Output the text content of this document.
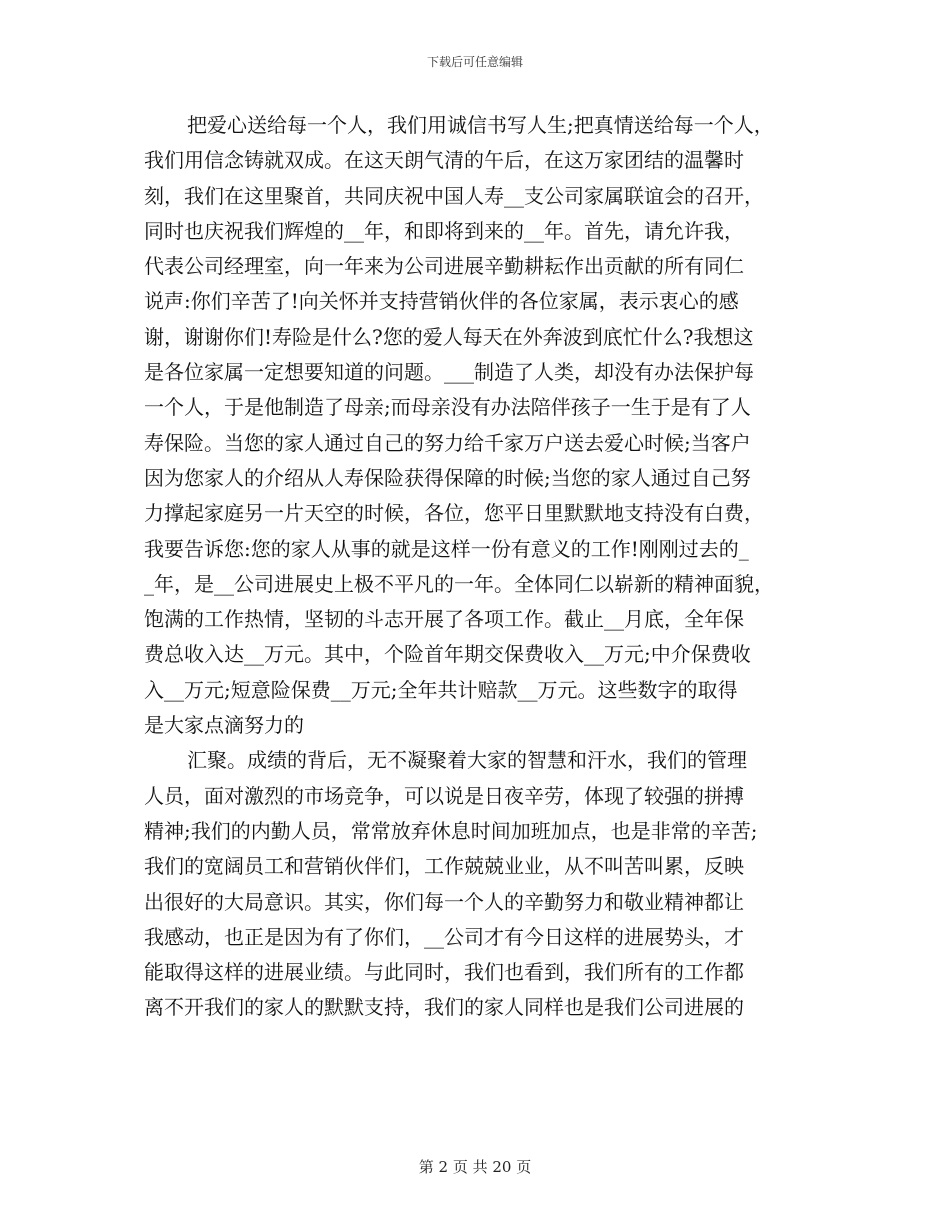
下载后可任意编辑
把爱心送给每一个人，我们用诚信书写人生;把真情送给每一个人，
我们用信念铸就双成。在这天朗气清的午后，在这万家团结的温馨时
刻，我们在这里聚首，共同庆祝中国人寿__支公司家属联谊会的召开，
同时也庆祝我们辉煌的__年，和即将到来的__年。首先，请允许我，
代表公司经理室，向一年来为公司进展辛勤耕耘作出贡献的所有同仁
说声:你们辛苦了!向关怀并支持营销伙伴的各位家属，表示衷心的感
谢，谢谢你们!寿险是什么?您的爱人每天在外奔波到底忙什么?我想这
是各位家属一定想要知道的问题。___制造了人类，却没有办法保护每
一个人，于是他制造了母亲;而母亲没有办法陪伴孩子一生于是有了人
寿保险。当您的家人通过自己的努力给千家万户送去爱心时候;当客户
因为您家人的介绍从人寿保险获得保障的时候;当您的家人通过自己努
力撑起家庭另一片天空的时候，各位，您平日里默默地支持没有白费，
我要告诉您:您的家人从事的就是这样一份有意义的工作!刚刚过去的_
_年，是__公司进展史上极不平凡的一年。全体同仁以崭新的精神面貌，
饱满的工作热情，坚韧的斗志开展了各项工作。截止__月底，全年保
费总收入达__万元。其中，个险首年期交保费收入__万元;中介保费收
入__万元;短意险保费__万元;全年共计赔款__万元。这些数字的取得
是大家点滴努力的
汇聚。成绩的背后，无不凝聚着大家的智慧和汗水，我们的管理
人员，面对激烈的市场竞争，可以说是日夜辛劳，体现了较强的拼搏
精神;我们的内勤人员，常常放弃休息时间加班加点，也是非常的辛苦;
我们的宽阔员工和营销伙伴们，工作兢兢业业，从不叫苦叫累，反映
出很好的大局意识。其实，你们每一个人的辛勤努力和敬业精神都让
我感动，也正是因为有了你们，__公司才有今日这样的进展势头，才
能取得这样的进展业绩。与此同时，我们也看到，我们所有的工作都
离不开我们的家人的默默支持，我们的家人同样也是我们公司进展的
第 2 页 共 20 页
